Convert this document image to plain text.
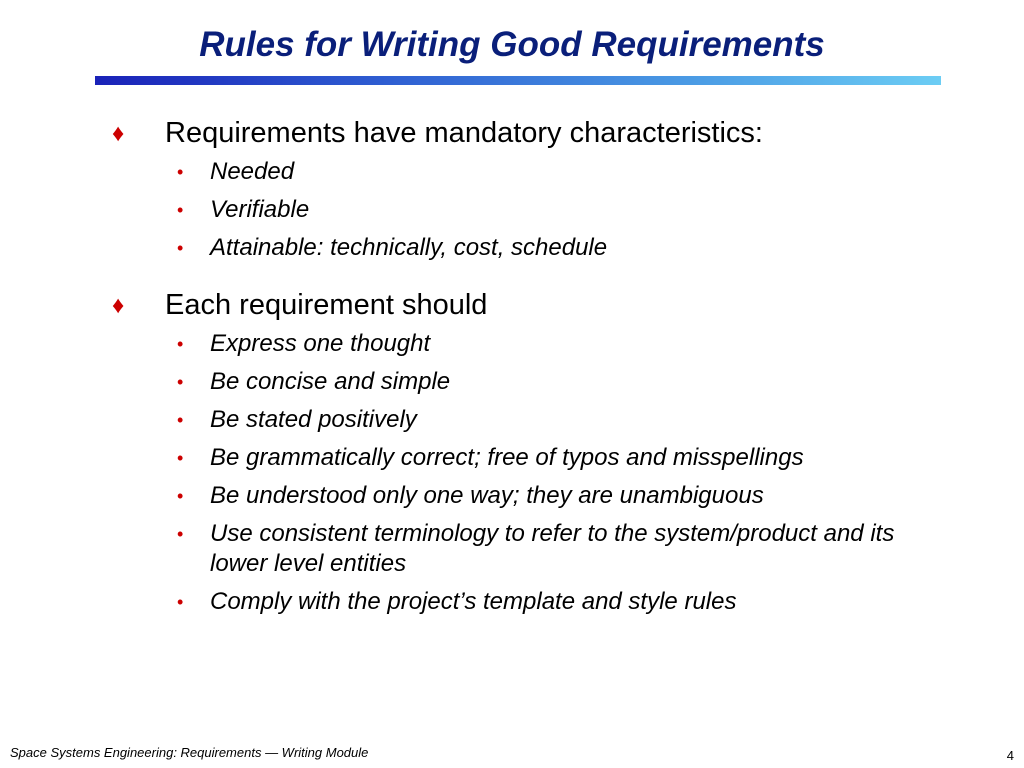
Rules for Writing Good Requirements
♦ Requirements have mandatory characteristics:
• Needed
• Verifiable
• Attainable: technically, cost, schedule
♦ Each requirement should
• Express one thought
• Be concise and simple
• Be stated positively
• Be grammatically correct; free of typos and misspellings
• Be understood only one way; they are unambiguous
• Use consistent terminology to refer to the system/product and its lower level entities
• Comply with the project’s template and style rules
Space Systems Engineering: Requirements — Writing Module	4
